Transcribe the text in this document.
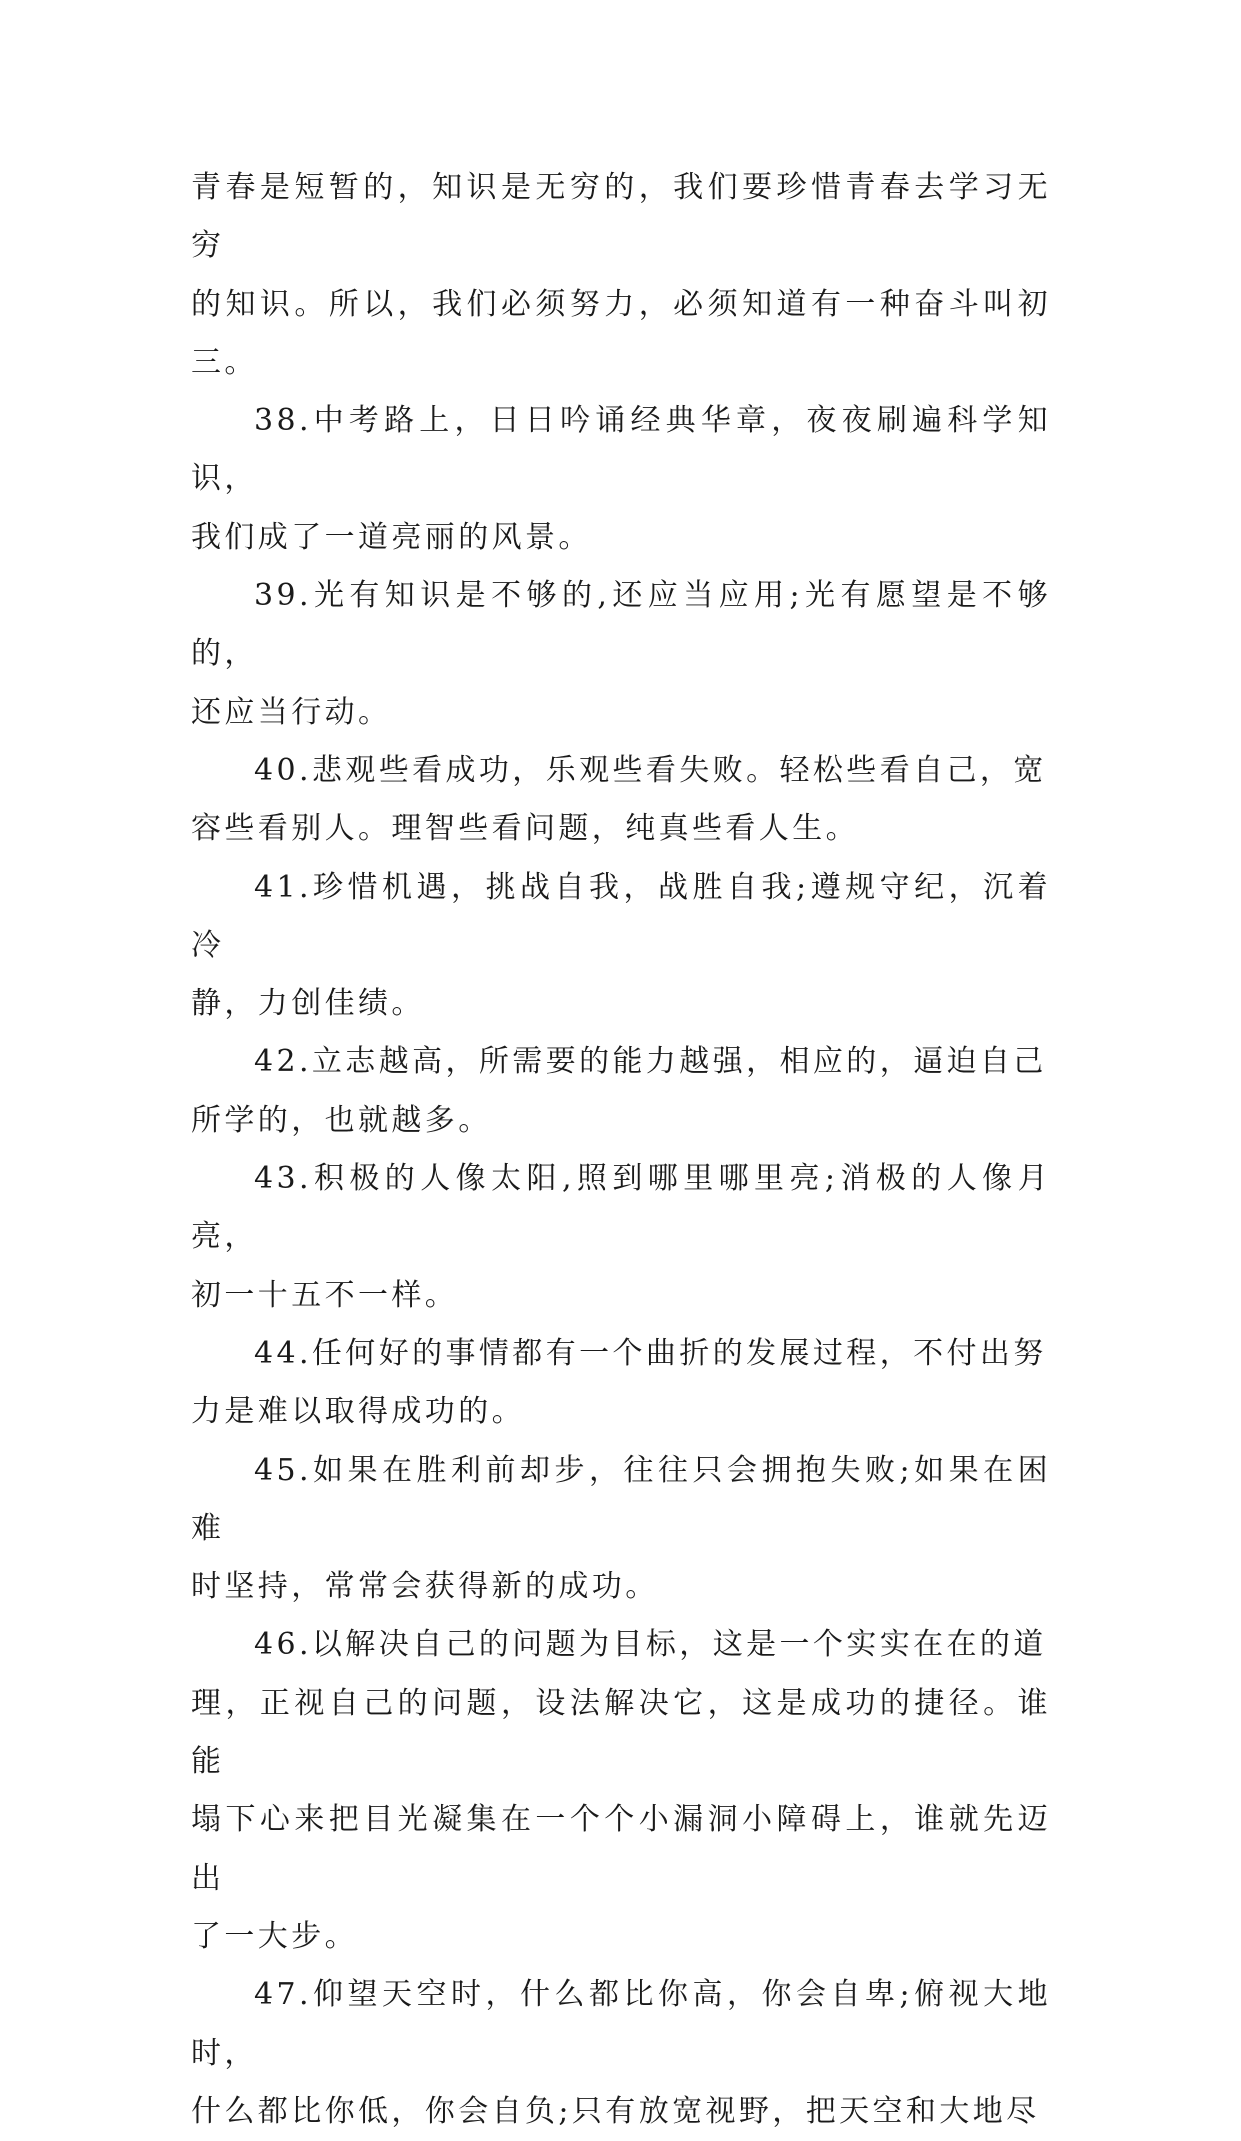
青春是短暂的，知识是无穷的，我们要珍惜青春去学习无穷
的知识。所以，我们必须努力，必须知道有一种奋斗叫初三。

38.中考路上，日日吟诵经典华章，夜夜刷遍科学知识，
我们成了一道亮丽的风景。

39.光有知识是不够的,还应当应用;光有愿望是不够的，
还应当行动。

40.悲观些看成功，乐观些看失败。轻松些看自己，宽
容些看别人。理智些看问题，纯真些看人生。

41.珍惜机遇，挑战自我，战胜自我;遵规守纪，沉着冷
静，力创佳绩。

42.立志越高，所需要的能力越强，相应的，逼迫自己
所学的，也就越多。

43.积极的人像太阳,照到哪里哪里亮;消极的人像月亮，
初一十五不一样。

44.任何好的事情都有一个曲折的发展过程，不付出努
力是难以取得成功的。

45.如果在胜利前却步，往往只会拥抱失败;如果在困难
时坚持，常常会获得新的成功。

46.以解决自己的问题为目标，这是一个实实在在的道
理，正视自己的问题，设法解决它，这是成功的捷径。谁能
塌下心来把目光凝集在一个个小漏洞小障碍上，谁就先迈出
了一大步。

47.仰望天空时，什么都比你高，你会自卑;俯视大地时，
什么都比你低，你会自负;只有放宽视野，把天空和大地尽
